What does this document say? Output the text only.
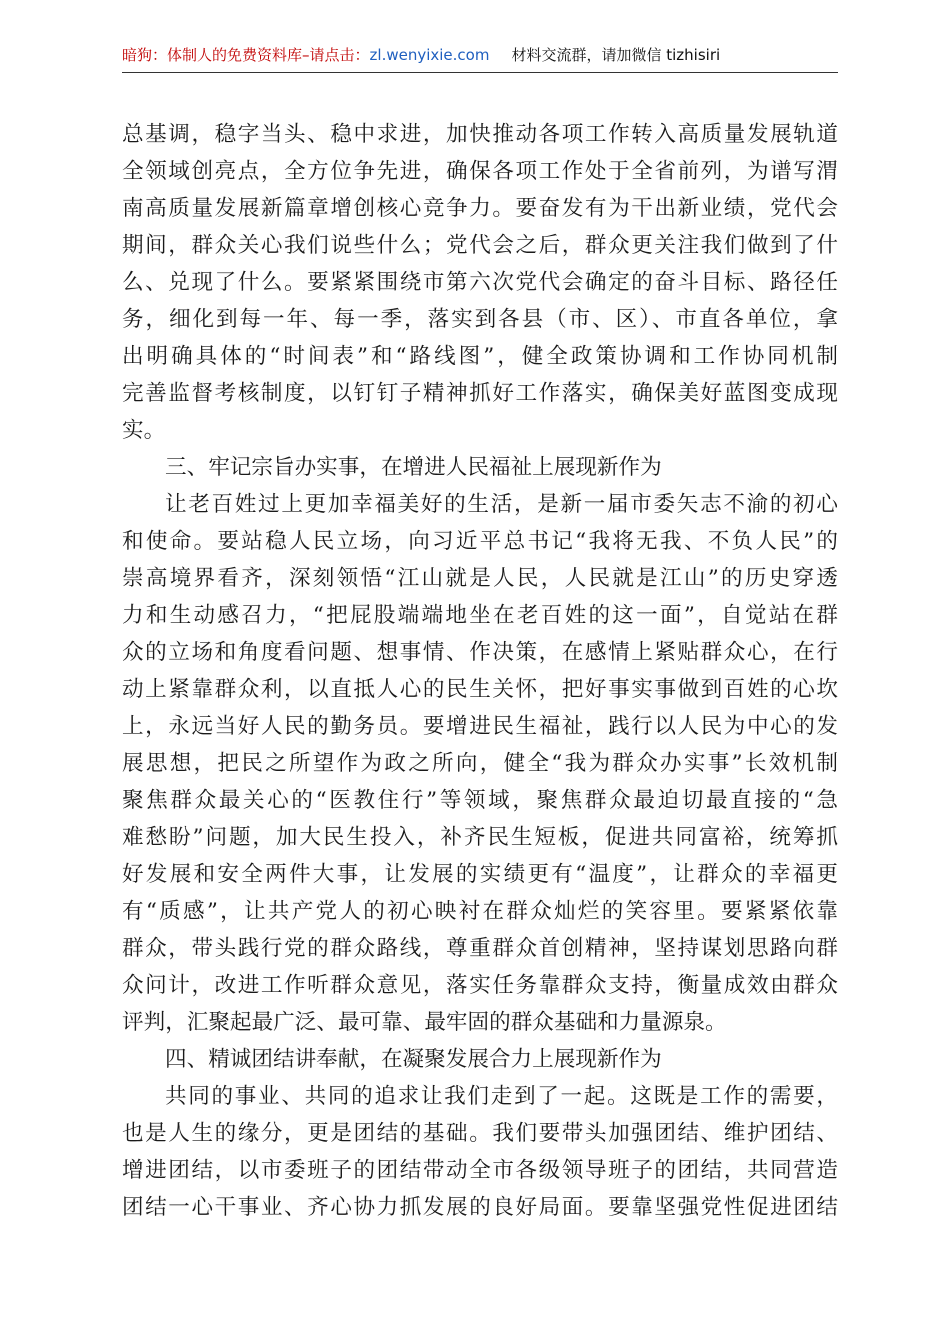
暗狗：体制人的免费资料库–请点击：zl.wenyixie.com 材料交流群，请加微信 tizhisiri
总基调，稳字当头、稳中求进，加快推动各项工作转入高质量发展轨道
全领域创亮点，全方位争先进，确保各项工作处于全省前列，为谱写渭
南高质量发展新篇章增创核心竞争力。要奋发有为干出新业绩，党代会
期间，群众关心我们说些什么；党代会之后，群众更关注我们做到了什
么、兑现了什么。要紧紧围绕市第六次党代会确定的奋斗目标、路径任
务，细化到每一年、每一季，落实到各县（市、区）、市直各单位，拿
出明确具体的“时间表”和“路线图”，健全政策协调和工作协同机制
完善监督考核制度，以钉钉子精神抓好工作落实，确保美好蓝图变成现
实。
三、牢记宗旨办实事，在增进人民福祉上展现新作为
让老百姓过上更加幸福美好的生活，是新一届市委矢志不渝的初心
和使命。要站稳人民立场，向习近平总书记“我将无我、不负人民”的
崇高境界看齐，深刻领悟“江山就是人民，人民就是江山”的历史穿透
力和生动感召力，“把屁股端端地坐在老百姓的这一面”，自觉站在群
众的立场和角度看问题、想事情、作决策，在感情上紧贴群众心，在行
动上紧靠群众利，以直抵人心的民生关怀，把好事实事做到百姓的心坎
上，永远当好人民的勤务员。要增进民生福祉，践行以人民为中心的发
展思想，把民之所望作为政之所向，健全“我为群众办实事”长效机制
聚焦群众最关心的“医教住行”等领域，聚焦群众最迫切最直接的“急
难愁盼”问题，加大民生投入，补齐民生短板，促进共同富裕，统筹抓
好发展和安全两件大事，让发展的实绩更有“温度”，让群众的幸福更
有“质感”，让共产党人的初心映衬在群众灿烂的笑容里。要紧紧依靠
群众，带头践行党的群众路线，尊重群众首创精神，坚持谋划思路向群
众问计，改进工作听群众意见，落实任务靠群众支持，衡量成效由群众
评判，汇聚起最广泛、最可靠、最牢固的群众基础和力量源泉。
四、精诚团结讲奉献，在凝聚发展合力上展现新作为
共同的事业、共同的追求让我们走到了一起。这既是工作的需要，
也是人生的缘分，更是团结的基础。我们要带头加强团结、维护团结、
增进团结，以市委班子的团结带动全市各级领导班子的团结，共同营造
团结一心干事业、齐心协力抓发展的良好局面。要靠坚强党性促进团结
